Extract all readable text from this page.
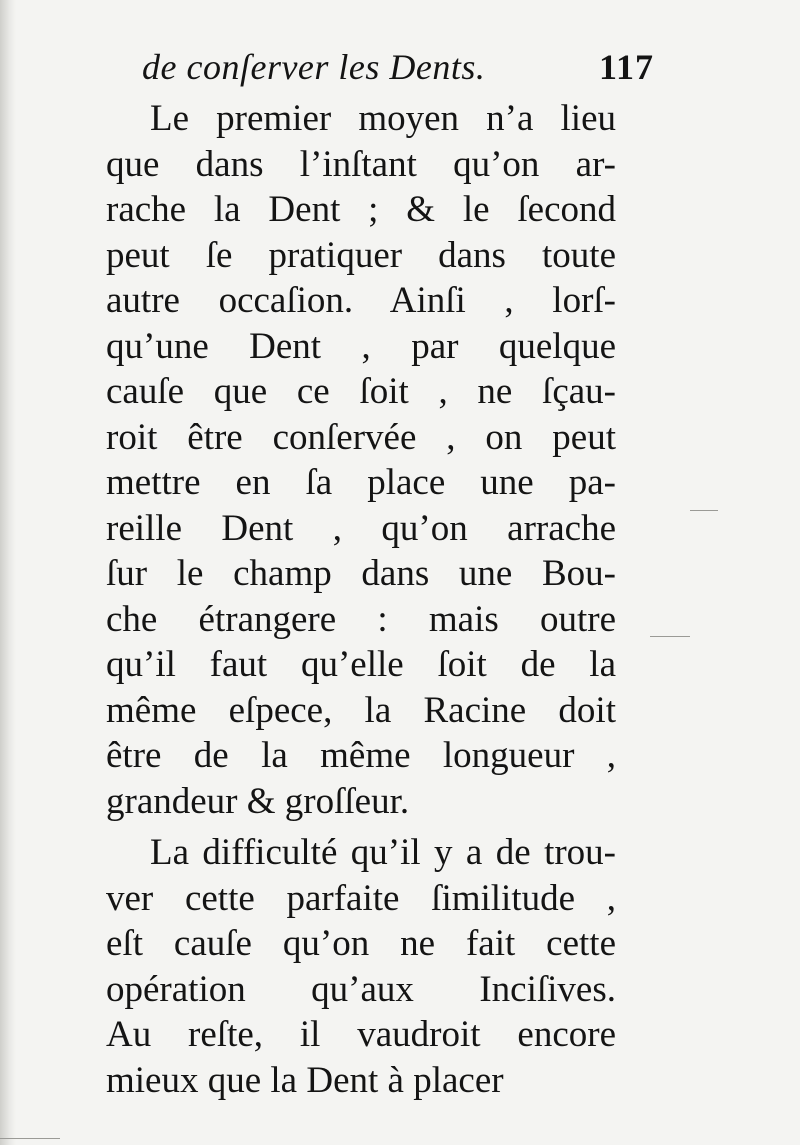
de conſerver les Dents.	117
Le premier moyen n’a lieu
que dans l’inſtant qu’on ar-
rache la Dent ; & le ſecond
peut ſe pratiquer dans toute
autre occaſion. Ainſi , lorſ-
qu’une Dent , par quelque
cauſe que ce ſoit , ne ſçau-
roit être conſervée , on peut
mettre en ſa place une pa-
reille Dent , qu’on arrache
ſur le champ dans une Bou-
che étrangere : mais outre
qu’il faut qu’elle ſoit de la
même eſpece, la Racine doit
être de la même longueur ,
grandeur & groſſeur.
La difficulté qu’il y a de trou-
ver cette parfaite ſimilitude ,
eſt cauſe qu’on ne fait cette
opération qu’aux Inciſives.
Au reſte, il vaudroit encore
mieux que la Dent à placer
